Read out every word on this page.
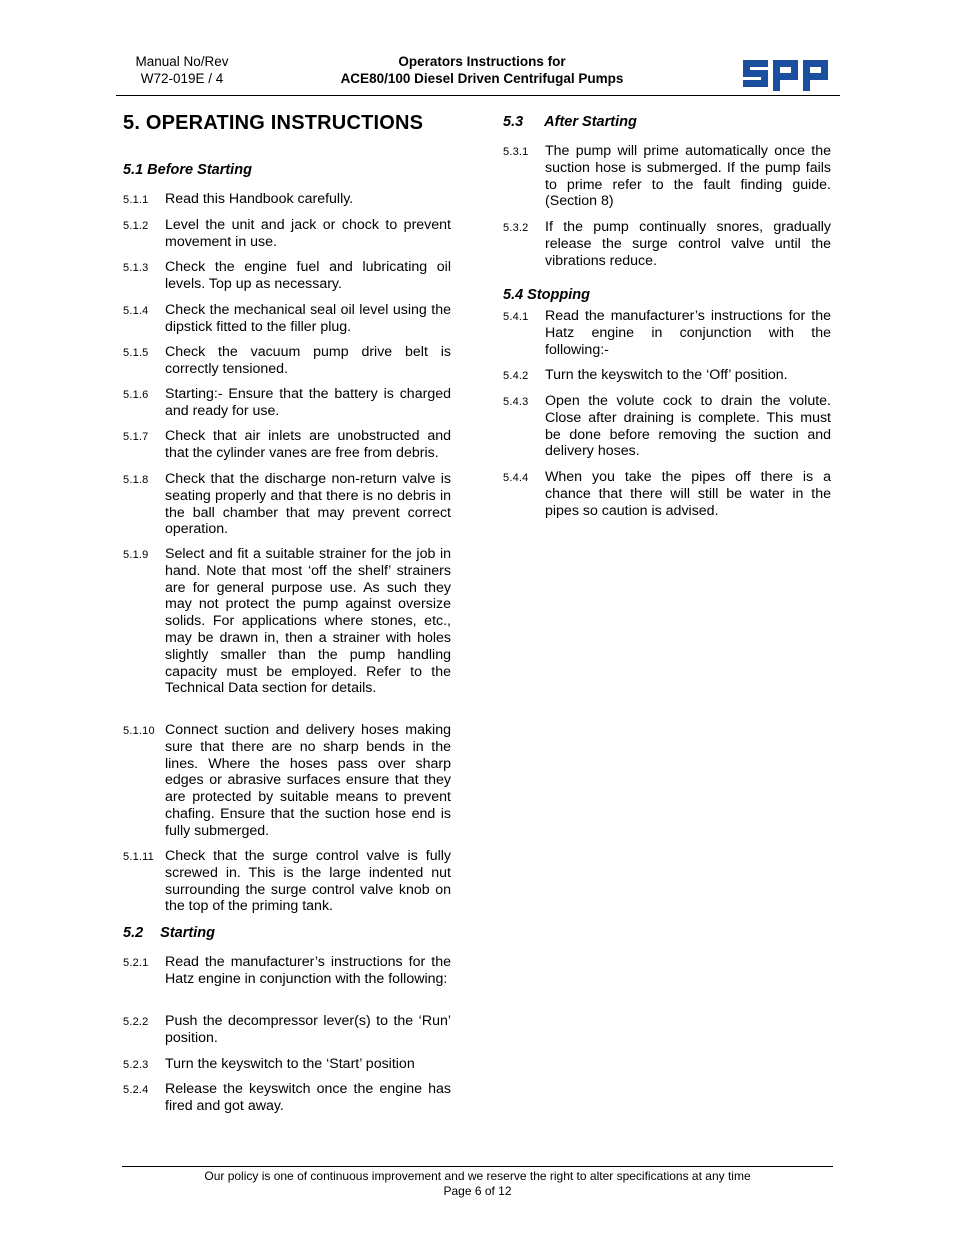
Manual No/Rev
W72-019E / 4
Operators Instructions for
ACE80/100 Diesel Driven Centrifugal Pumps
5. OPERATING INSTRUCTIONS
5.1 Before Starting
5.1.1 Read this Handbook carefully.
5.1.2 Level the unit and jack or chock to prevent movement in use.
5.1.3 Check the engine fuel and lubricating oil levels. Top up as necessary.
5.1.4 Check the mechanical seal oil level using the dipstick fitted to the filler plug.
5.1.5 Check the vacuum pump drive belt is correctly tensioned.
5.1.6 Starting:- Ensure that the battery is charged and ready for use.
5.1.7 Check that air inlets are unobstructed and that the cylinder vanes are free from debris.
5.1.8 Check that the discharge non-return valve is seating properly and that there is no debris in the ball chamber that may prevent correct operation.
5.1.9 Select and fit a suitable strainer for the job in hand. Note that most ‘off the shelf’ strainers are for general purpose use. As such they may not protect the pump against oversize solids. For applications where stones, etc., may be drawn in, then a strainer with holes slightly smaller than the pump handling capacity must be employed. Refer to the Technical Data section for details.
5.1.10 Connect suction and delivery hoses making sure that there are no sharp bends in the lines. Where the hoses pass over sharp edges or abrasive surfaces ensure that they are protected by suitable means to prevent chafing. Ensure that the suction hose end is fully submerged.
5.1.11 Check that the surge control valve is fully screwed in. This is the large indented nut surrounding the surge control valve knob on the top of the priming tank.
5.2 Starting
5.2.1 Read the manufacturer’s instructions for the Hatz engine in conjunction with the following:
5.2.2 Push the decompressor lever(s) to the ‘Run’ position.
5.2.3 Turn the keyswitch to the ‘Start’ position
5.2.4 Release the keyswitch once the engine has fired and got away.
5.3 After Starting
5.3.1 The pump will prime automatically once the suction hose is submerged. If the pump fails to prime refer to the fault finding guide. (Section 8)
5.3.2 If the pump continually snores, gradually release the surge control valve until the vibrations reduce.
5.4 Stopping
5.4.1 Read the manufacturer’s instructions for the Hatz engine in conjunction with the following:-
5.4.2 Turn the keyswitch to the ‘Off’ position.
5.4.3 Open the volute cock to drain the volute. Close after draining is complete. This must be done before removing the suction and delivery hoses.
5.4.4 When you take the pipes off there is a chance that there will still be water in the pipes so caution is advised.
Our policy is one of continuous improvement and we reserve the right to alter specifications at any time
Page 6 of 12
